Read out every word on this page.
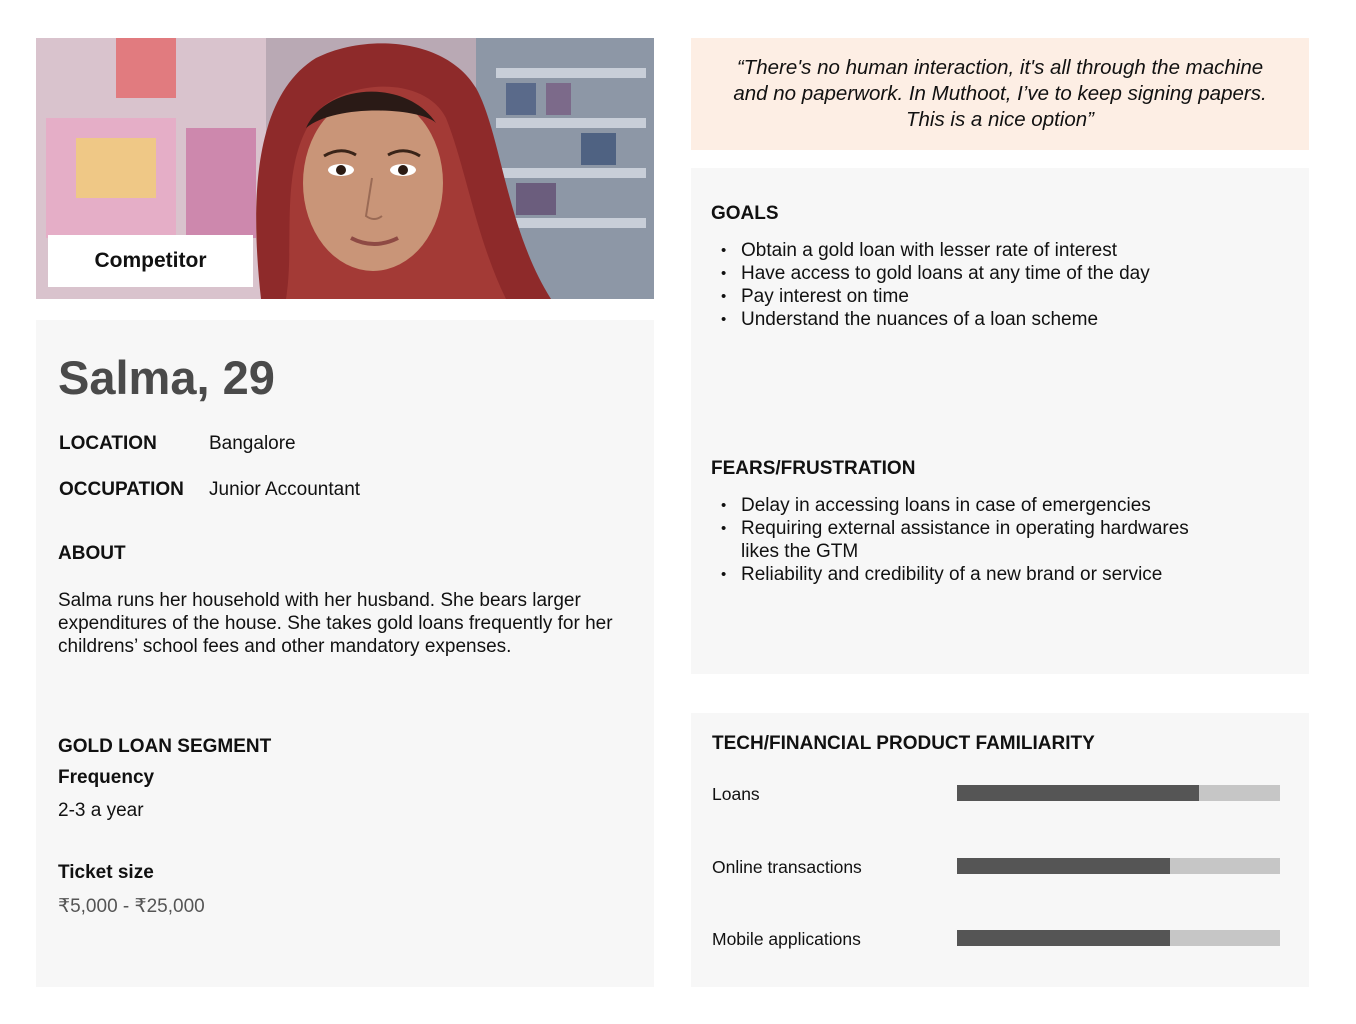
Competitor
Salma, 29
LOCATION	Bangalore
OCCUPATION Junior Accountant
ABOUT
Salma runs her household with her husband. She bears larger expenditures of the house. She takes gold loans frequently for her childrens’ school fees and other mandatory expenses.
GOLD LOAN SEGMENT
Frequency
2-3 a year
Ticket size
₹5,000 - ₹25,000
“There's no human interaction, it's all through the machine and no paperwork. In Muthoot, I’ve to keep signing papers. This is a nice option”
GOALS
• Obtain a gold loan with lesser rate of interest
• Have access to gold loans at any time of the day
• Pay interest on time
• Understand the nuances of a loan scheme
FEARS/FRUSTRATION
• Delay in accessing loans in case of emergencies
• Requiring external assistance in operating hardwares likes the GTM
• Reliability and credibility of a new brand or service
TECH/FINANCIAL PRODUCT FAMILIARITY
Loans
Online transactions
Mobile applications
